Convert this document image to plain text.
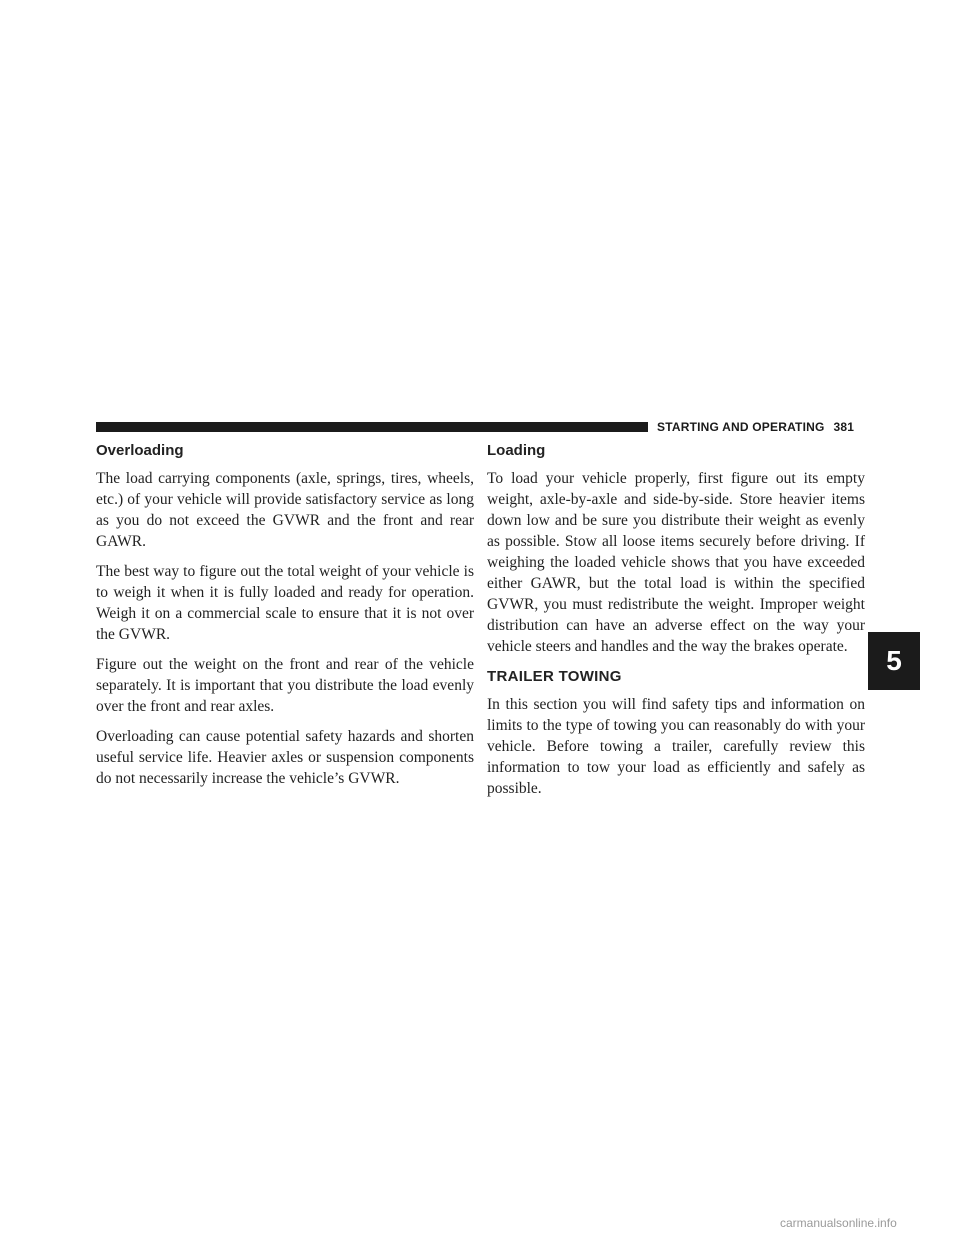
STARTING AND OPERATING 381
Overloading

The load carrying components (axle, springs, tires, wheels, etc.) of your vehicle will provide satisfactory service as long as you do not exceed the GVWR and the front and rear GAWR.

The best way to figure out the total weight of your vehicle is to weigh it when it is fully loaded and ready for operation. Weigh it on a commercial scale to ensure that it is not over the GVWR.

Figure out the weight on the front and rear of the vehicle separately. It is important that you distribute the load evenly over the front and rear axles.

Overloading can cause potential safety hazards and shorten useful service life. Heavier axles or suspension components do not necessarily increase the vehicle’s GVWR.

Loading

To load your vehicle properly, first figure out its empty weight, axle-by-axle and side-by-side. Store heavier items down low and be sure you distribute their weight as evenly as possible. Stow all loose items securely before driving. If weighing the loaded vehicle shows that you have exceeded either GAWR, but the total load is within the specified GVWR, you must redistribute the weight. Improper weight distribution can have an adverse effect on the way your vehicle steers and handles and the way the brakes operate.

TRAILER TOWING

In this section you will find safety tips and information on limits to the type of towing you can reasonably do with your vehicle. Before towing a trailer, carefully review this information to tow your load as efficiently and safely as possible.

5
carmanualsonline.info
